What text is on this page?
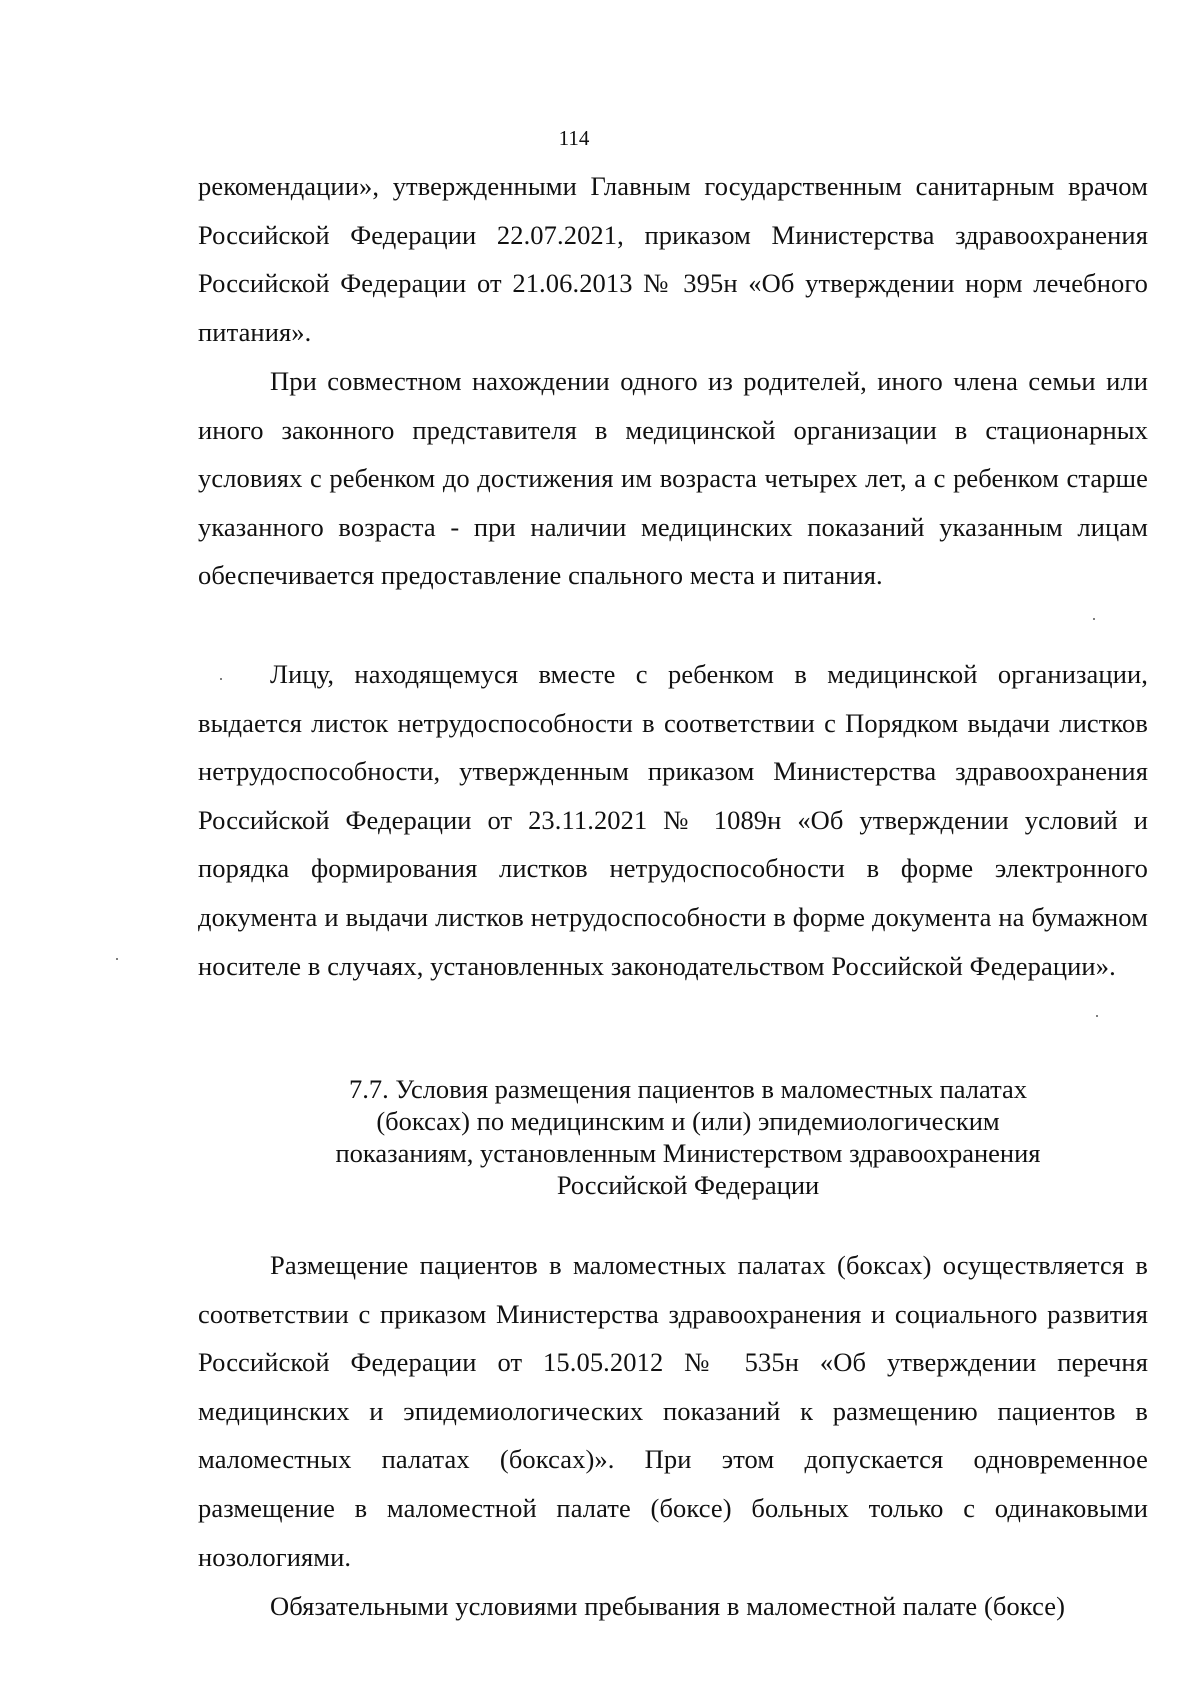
114

рекомендации», утвержденными Главным государственным санитарным врачом Российской Федерации 22.07.2021, приказом Министерства здравоохранения Российской Федерации от 21.06.2013 № 395н «Об утверждении норм лечебного питания».

При совместном нахождении одного из родителей, иного члена семьи или иного законного представителя в медицинской организации в стационарных условиях с ребенком до достижения им возраста четырех лет, а с ребенком старше указанного возраста - при наличии медицинских показаний указанным лицам обеспечивается предоставление спального места и питания.

Лицу, находящемуся вместе с ребенком в медицинской организации, выдается листок нетрудоспособности в соответствии с Порядком выдачи листков нетрудоспособности, утвержденным приказом Министерства здравоохранения Российской Федерации от 23.11.2021 № 1089н «Об утверждении условий и порядка формирования листков нетрудоспособности в форме электронного документа и выдачи листков нетрудоспособности в форме документа на бумажном носителе в случаях, установленных законодательством Российской Федерации».

7.7. Условия размещения пациентов в маломестных палатах
(боксах) по медицинским и (или) эпидемиологическим
показаниям, установленным Министерством здравоохранения
Российской Федерации

Размещение пациентов в маломестных палатах (боксах) осуществляется в соответствии с приказом Министерства здравоохранения и социального развития Российской Федерации от 15.05.2012 № 535н «Об утверждении перечня медицинских и эпидемиологических показаний к размещению пациентов в маломестных палатах (боксах)». При этом допускается одновременное размещение в маломестной палате (боксе) больных только с одинаковыми нозологиями.

Обязательными условиями пребывания в маломестной палате (боксе)
